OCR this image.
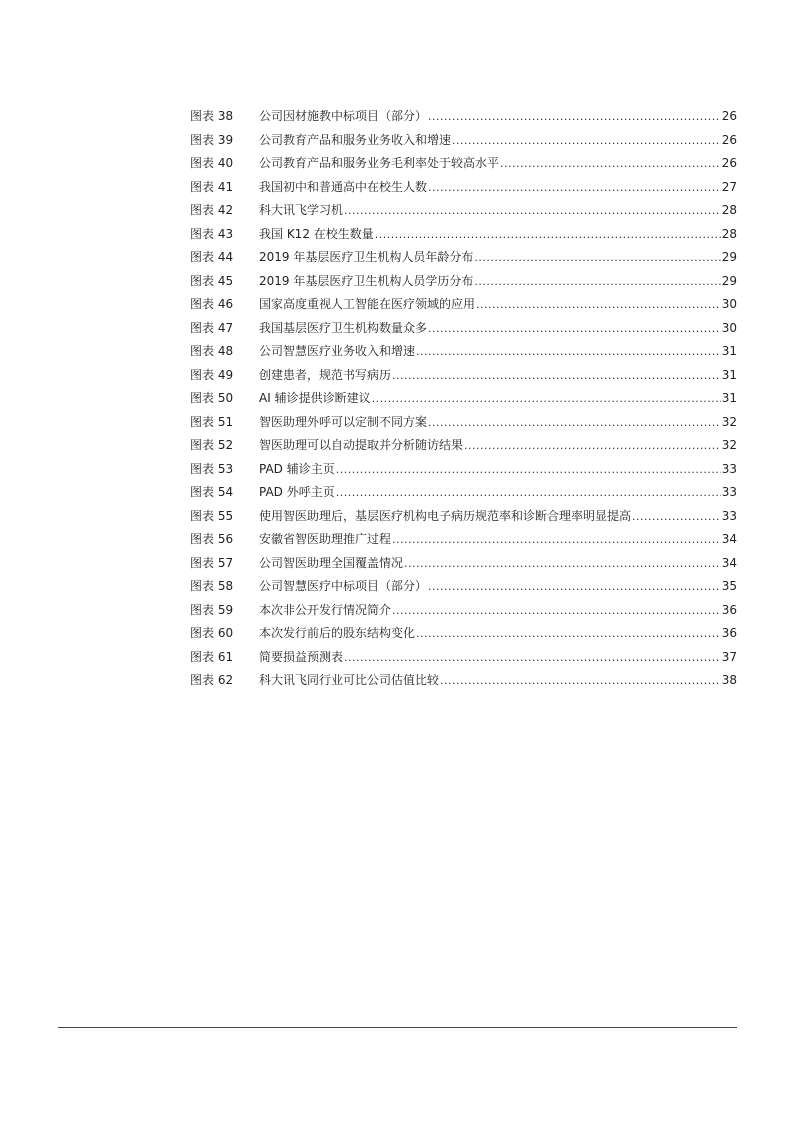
图表 38	公司因材施教中标项目（部分） .....	26
图表 39	公司教育产品和服务业务收入和增速 .....	26
图表 40	公司教育产品和服务业务毛利率处于较高水平 .....	26
图表 41	我国初中和普通高中在校生人数 .....	27
图表 42	科大讯飞学习机 .....	28
图表 43	我国 K12 在校生数量 .....	28
图表 44	2019 年基层医疗卫生机构人员年龄分布 .....	29
图表 45	2019 年基层医疗卫生机构人员学历分布 .....	29
图表 46	国家高度重视人工智能在医疗领域的应用 .....	30
图表 47	我国基层医疗卫生机构数量众多 .....	30
图表 48	公司智慧医疗业务收入和增速 .....	31
图表 49	创建患者，规范书写病历 .....	31
图表 50	AI 辅诊提供诊断建议 .....	31
图表 51	智医助理外呼可以定制不同方案 .....	32
图表 52	智医助理可以自动提取并分析随访结果 .....	32
图表 53	PAD 辅诊主页 .....	33
图表 54	PAD 外呼主页 .....	33
图表 55	使用智医助理后，基层医疗机构电子病历规范率和诊断合理率明显提高 .....	33
图表 56	安徽省智医助理推广过程 .....	34
图表 57	公司智医助理全国覆盖情况 .....	34
图表 58	公司智慧医疗中标项目（部分） .....	35
图表 59	本次非公开发行情况简介 .....	36
图表 60	本次发行前后的股东结构变化 .....	36
图表 61	简要损益预测表 .....	37
图表 62	科大讯飞同行业可比公司估值比较 .....	38
